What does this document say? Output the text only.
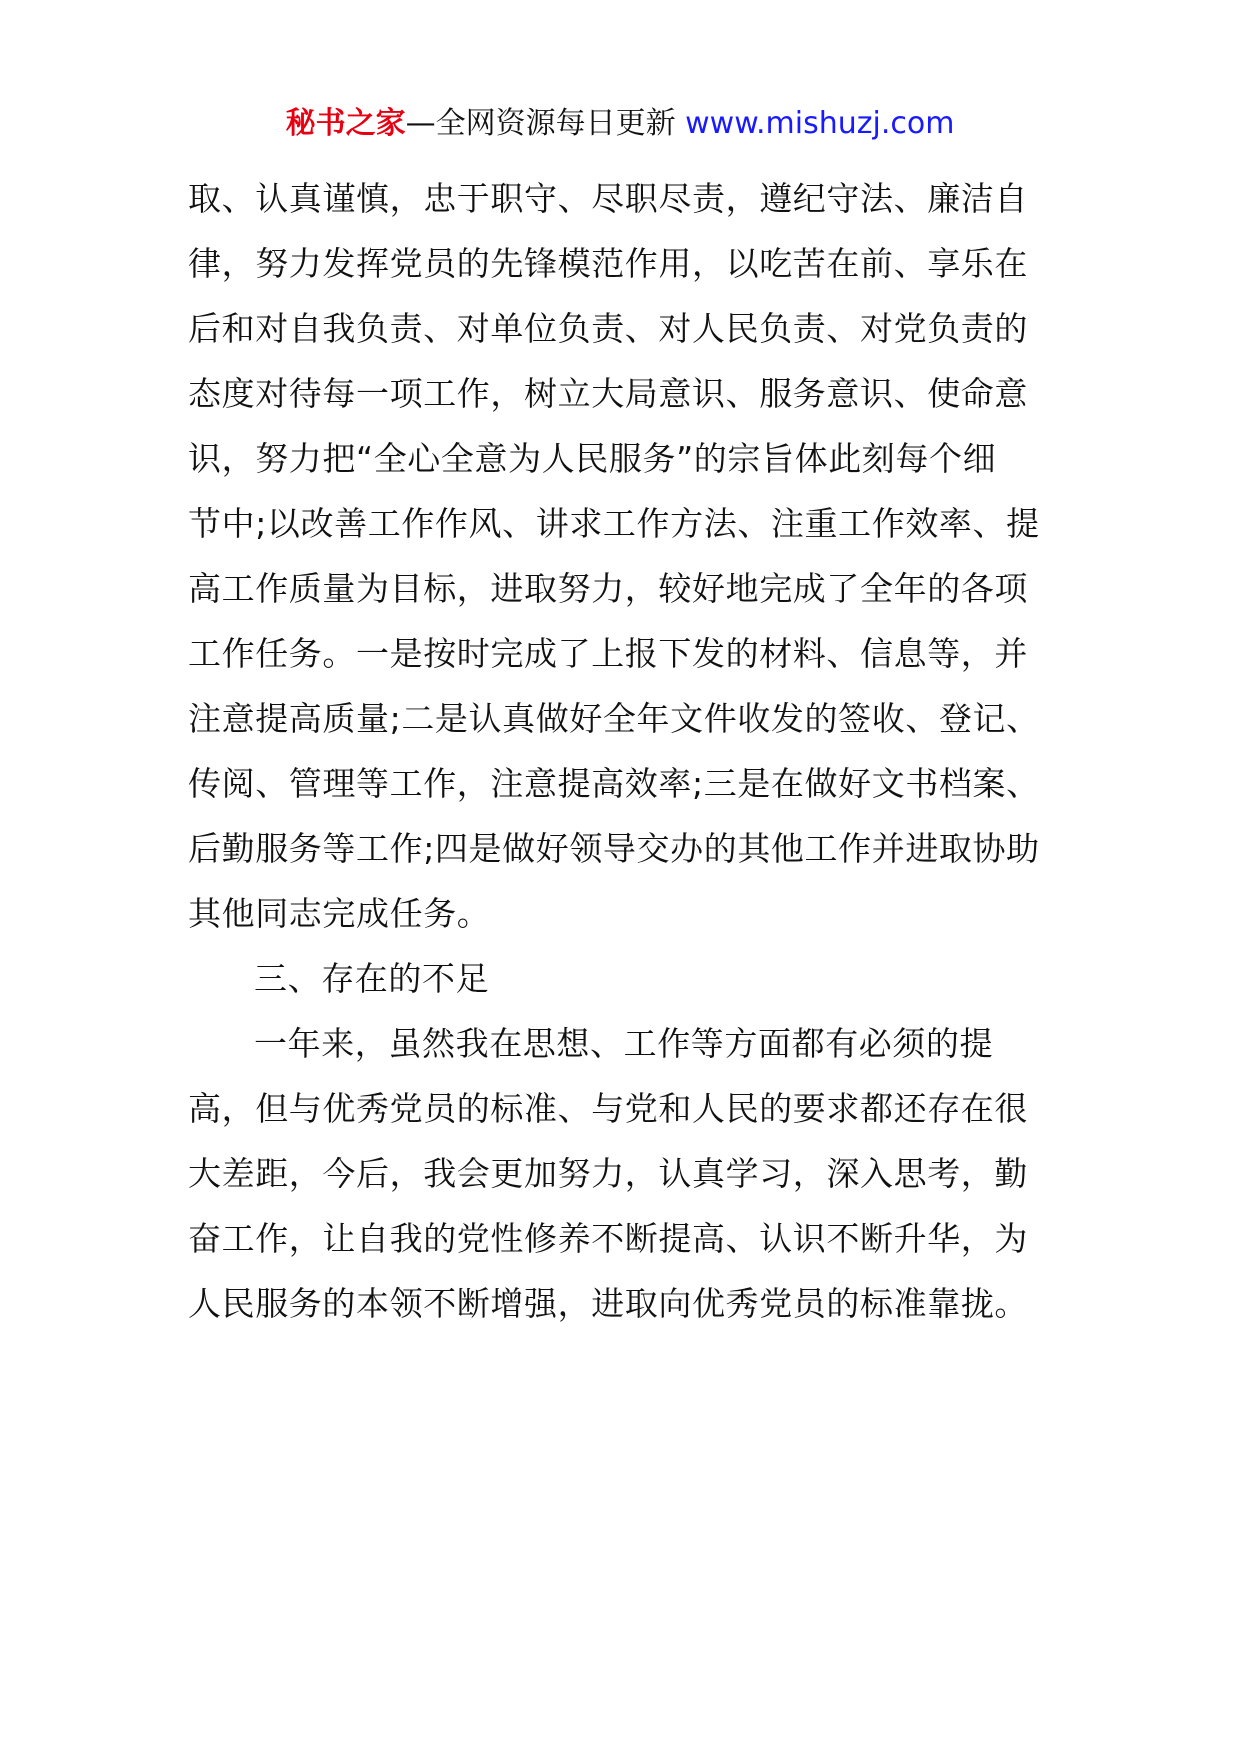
秘书之家—全网资源每日更新 www.mishuzj.com
取、认真谨慎，忠于职守、尽职尽责，遵纪守法、廉洁自
律，努力发挥党员的先锋模范作用，以吃苦在前、享乐在
后和对自我负责、对单位负责、对人民负责、对党负责的
态度对待每一项工作，树立大局意识、服务意识、使命意
识，努力把“全心全意为人民服务”的宗旨体此刻每个细
节中;以改善工作作风、讲求工作方法、注重工作效率、提
高工作质量为目标，进取努力，较好地完成了全年的各项
工作任务。一是按时完成了上报下发的材料、信息等，并
注意提高质量;二是认真做好全年文件收发的签收、登记、
传阅、管理等工作，注意提高效率;三是在做好文书档案、
后勤服务等工作;四是做好领导交办的其他工作并进取协助
其他同志完成任务。
三、存在的不足
一年来，虽然我在思想、工作等方面都有必须的提
高，但与优秀党员的标准、与党和人民的要求都还存在很
大差距，今后，我会更加努力，认真学习，深入思考，勤
奋工作，让自我的党性修养不断提高、认识不断升华，为
人民服务的本领不断增强，进取向优秀党员的标准靠拢。
